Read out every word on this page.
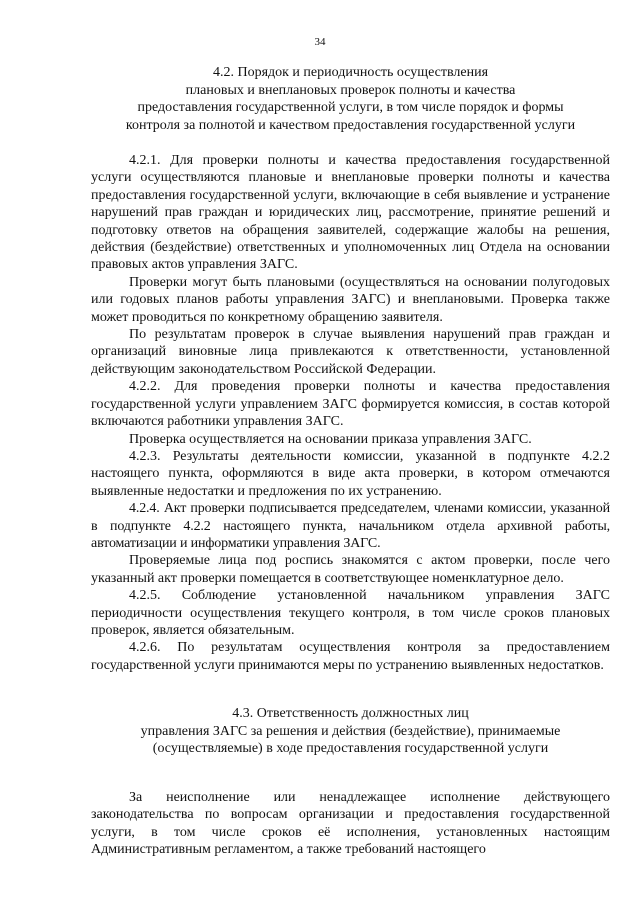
34
4.2. Порядок и периодичность осуществления
плановых и внеплановых проверок полноты и качества
предоставления государственной услуги, в том числе порядок и формы
контроля за полнотой и качеством предоставления государственной услуги

4.2.1. Для проверки полноты и качества предоставления государственной услуги осуществляются плановые и внеплановые проверки полноты и качества предоставления государственной услуги, включающие в себя выявление и устранение нарушений прав граждан и юридических лиц, рассмотрение, принятие решений и подготовку ответов на обращения заявителей, содержащие жалобы на решения, действия (бездействие) ответственных и уполномоченных лиц Отдела на основании правовых актов управления ЗАГС.

Проверки могут быть плановыми (осуществляться на основании полугодовых или годовых планов работы управления ЗАГС) и внеплановыми. Проверка также может проводиться по конкретному обращению заявителя.

По результатам проверок в случае выявления нарушений прав граждан и организаций виновные лица привлекаются к ответственности, установленной действующим законодательством Российской Федерации.

4.2.2. Для проведения проверки полноты и качества предоставления государственной услуги управлением ЗАГС формируется комиссия, в состав которой включаются работники управления ЗАГС.

Проверка осуществляется на основании приказа управления ЗАГС.

4.2.3. Результаты деятельности комиссии, указанной в подпункте 4.2.2 настоящего пункта, оформляются в виде акта проверки, в котором отмечаются выявленные недостатки и предложения по их устранению.

4.2.4. Акт проверки подписывается председателем, членами комиссии, указанной в подпункте 4.2.2 настоящего пункта, начальником отдела архивной работы, автоматизации и информатики управления ЗАГС.

Проверяемые лица под роспись знакомятся с актом проверки, после чего указанный акт проверки помещается в соответствующее номенклатурное дело.

4.2.5. Соблюдение установленной начальником управления ЗАГС периодичности осуществления текущего контроля, в том числе сроков плановых проверок, является обязательным.

4.2.6. По результатам осуществления контроля за предоставлением государственной услуги принимаются меры по устранению выявленных недостатков.

4.3. Ответственность должностных лиц
управления ЗАГС за решения и действия (бездействие), принимаемые
(осуществляемые) в ходе предоставления государственной услуги

За неисполнение или ненадлежащее исполнение действующего законодательства по вопросам организации и предоставления государственной услуги, в том числе сроков её исполнения, установленных настоящим Административным регламентом, а также требований настоящего
